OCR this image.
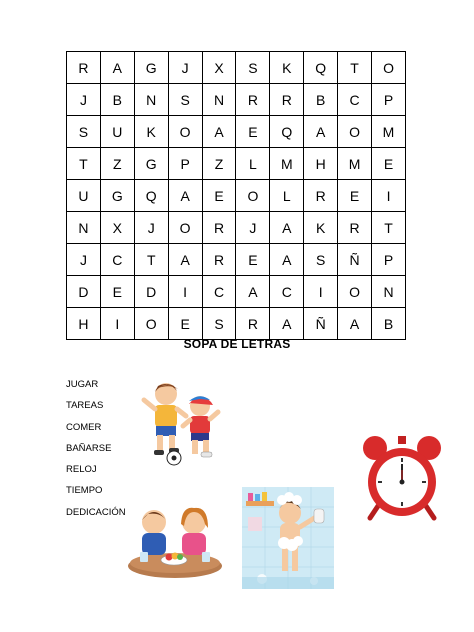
R	A	G	J	X	S	K	Q	T	O
J	B	N	S	N	R	R	B	C	P
S	U	K	O	A	E	Q	A	O	M
T	Z	G	P	Z	L	M	H	M	E
U	G	Q	A	E	O	L	R	E	I
N	X	J	O	R	J	A	K	R	T
J	C	T	A	R	E	A	S	Ñ	P
D	E	D	I	C	A	C	I	O	N
H	I	O	E	S	R	A	Ñ	A	B
SOPA DE LETRAS
JUGAR
TAREAS
COMER
BAÑARSE
RELOJ
TIEMPO
DEDICACIÓN
